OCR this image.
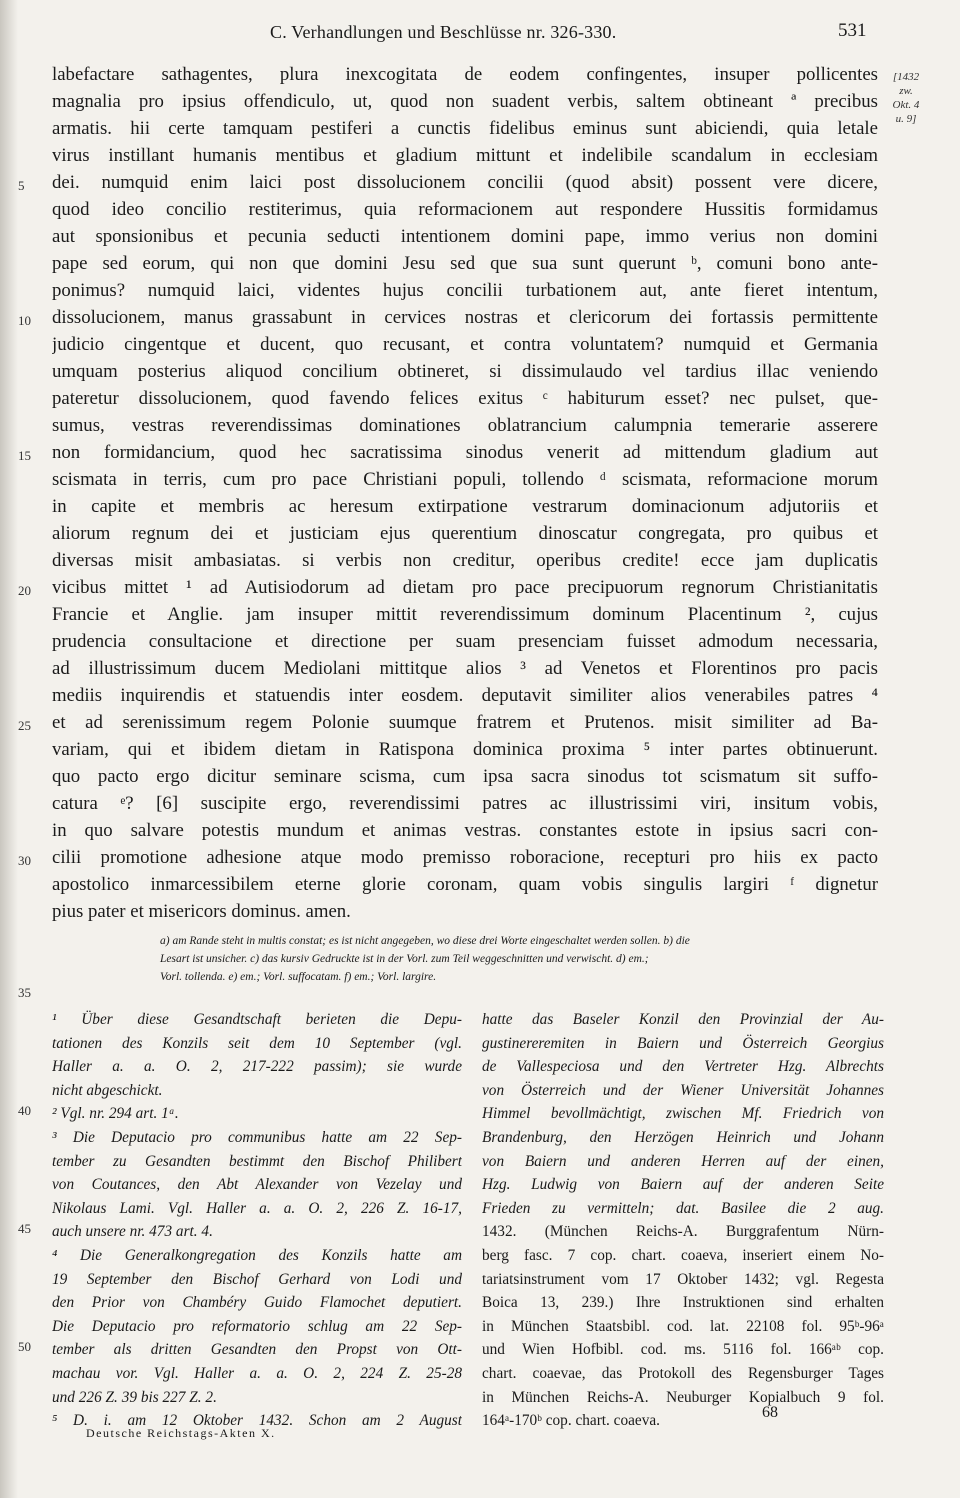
C. Verhandlungen und Beschlüsse nr. 326-330.	531
[1432
zw.
Okt. 4
u. 9]
labefactare sathagentes, plura inexcogitata de eodem confingentes, insuper pollicentes
magnalia pro ipsius offendiculo, ut, quod non suadent verbis, saltem obtineant ª precibus
armatis. hii certe tamquam pestiferi a cunctis fidelibus eminus sunt abiciendi, quia letale
virus instillant humanis mentibus et gladium mittunt et indelibile scandalum in ecclesiam
dei. numquid enim laici post dissolucionem concilii (quod absit) possent vere dicere,
quod ideo concilio restiterimus, quia reformacionem aut respondere Hussitis formidamus
aut sponsionibus et pecunia seducti intentionem domini pape, immo verius non domini
pape sed eorum, qui non que domini Jesu sed que sua sunt querunt ᵇ, comuni bono ante-
ponimus? numquid laici, videntes hujus concilii turbationem aut, ante fieret intentum,
dissolucionem, manus grassabunt in cervices nostras et clericorum dei fortassis permittente
judicio cingentque et ducent, quo recusant, et contra voluntatem? numquid et Germania
umquam posterius aliquod concilium obtineret, si dissimulaudo vel tardius illac veniendo
pateretur dissolucionem, quod favendo felices exitus ᶜ habiturum esset? nec pulset, que-
sumus, vestras reverendissimas dominationes oblatrancium calumpnia temerarie asserere
non formidancium, quod hec sacratissima sinodus venerit ad mittendum gladium aut
scismata in terris, cum pro pace Christiani populi, tollendo ᵈ scismata, reformacione morum
in capite et membris ac heresum extirpatione vestrarum dominacionum adjutoriis et
aliorum regnum dei et justiciam ejus querentium dinoscatur congregata, pro quibus et
diversas misit ambasiatas. si verbis non creditur, operibus credite! ecce jam duplicatis
vicibus mittet ¹ ad Autisiodorum ad dietam pro pace precipuorum regnorum Christianitatis
Francie et Anglie. jam insuper mittit reverendissimum dominum Placentinum ², cujus
prudencia consultacione et directione per suam presenciam fuisset admodum necessaria,
ad illustrissimum ducem Mediolani mittitque alios ³ ad Venetos et Florentinos pro pacis
mediis inquirendis et statuendis inter eosdem. deputavit similiter alios venerabiles patres ⁴
et ad serenissimum regem Polonie suumque fratrem et Prutenos. misit similiter ad Ba-
variam, qui et ibidem dietam in Ratispona dominica proxima ⁵ inter partes obtinuerunt.
quo pacto ergo dicitur seminare scisma, cum ipsa sacra sinodus tot scismatum sit suffo-
catura ᵉ? [6] suscipite ergo, reverendissimi patres ac illustrissimi viri, insitum vobis,
in quo salvare potestis mundum et animas vestras. constantes estote in ipsius sacri con-
cilii promotione adhesione atque modo premisso roboracione, recepturi pro hiis ex pacto
apostolico inmarcessibilem eterne glorie coronam, quam vobis singulis largiri ᶠ dignetur
pius pater et misericors dominus. amen.
5
10
15
20
25
30
35
40
45
50
a) am Rande steht in multis constat; es ist nicht angegeben, wo diese drei Worte eingeschaltet werden sollen. b) die
Lesart ist unsicher. c) das kursiv Gedruckte ist in der Vorl. zum Teil weggeschnitten und verwischt. d) em.;
Vorl. tollenda. e) em.; Vorl. suffocatam. f) em.; Vorl. largire.
¹ Über diese Gesandtschaft berieten die Depu-
tationen des Konzils seit dem 10 September (vgl.
Haller a. a. O. 2, 217-222 passim); sie wurde
nicht abgeschickt.
² Vgl. nr. 294 art. 1ᵃ.
³ Die Deputacio pro communibus hatte am 22 Sep-
tember zu Gesandten bestimmt den Bischof Philibert
von Coutances, den Abt Alexander von Vezelay und
Nikolaus Lami. Vgl. Haller a. a. O. 2, 226 Z. 16-17,
auch unsere nr. 473 art. 4.
⁴ Die Generalkongregation des Konzils hatte am
19 September den Bischof Gerhard von Lodi und
den Prior von Chambéry Guido Flamochet deputiert.
Die Deputacio pro reformatorio schlug am 22 Sep-
tember als dritten Gesandten den Propst von Ott-
machau vor. Vgl. Haller a. a. O. 2, 224 Z. 25-28
und 226 Z. 39 bis 227 Z. 2.
⁵ D. i. am 12 Oktober 1432. Schon am 2 August
hatte das Baseler Konzil den Provinzial der Au-
gustinereremiten in Baiern und Österreich Georgius
de Vallespeciosa und den Vertreter Hzg. Albrechts
von Österreich und der Wiener Universität Johannes
Himmel bevollmächtigt, zwischen Mf. Friedrich von
Brandenburg, den Herzögen Heinrich und Johann
von Baiern und anderen Herren auf der einen,
Hzg. Ludwig von Baiern auf der anderen Seite
Frieden zu vermitteln; dat. Basilee die 2 aug.
1432. (München Reichs-A. Burggrafentum Nürn-
berg fasc. 7 cop. chart. coaeva, inseriert einem No-
tariatsinstrument vom 17 Oktober 1432; vgl. Regesta
Boica 13, 239.) Ihre Instruktionen sind erhalten
in München Staatsbibl. cod. lat. 22108 fol. 95ᵇ-96ᵃ
und Wien Hofbibl. cod. ms. 5116 fol. 166ᵃᵇ cop.
chart. coaevae, das Protokoll des Regensburger Tages
in München Reichs-A. Neuburger Kopialbuch 9 fol.
164ᵃ-170ᵇ cop. chart. coaeva.
Deutsche Reichstags-Akten X.
68
